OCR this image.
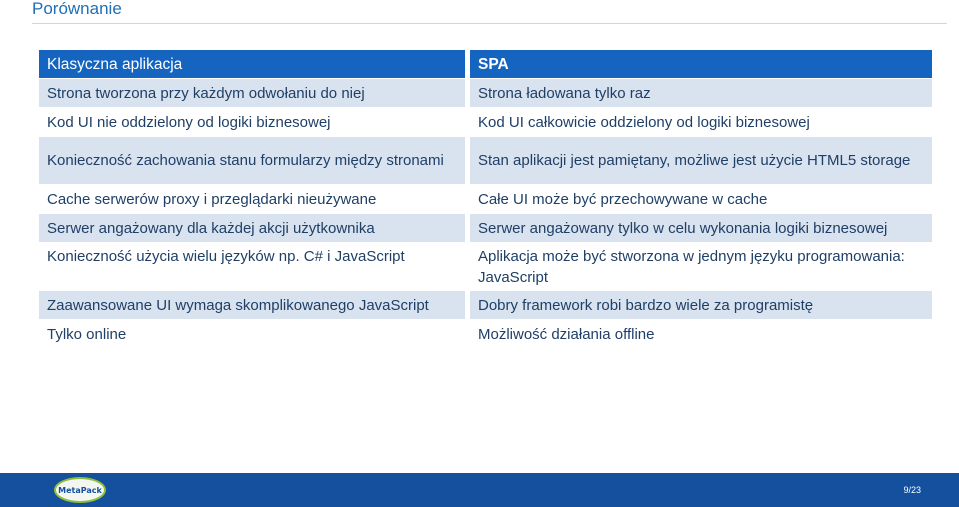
Porównanie
Klasyczna aplikacja
Strona tworzona przy każdym odwołaniu do niej
Kod UI nie oddzielony od logiki biznesowej
Konieczność zachowania stanu formularzy między stronami
Cache serwerów proxy i przeglądarki nieużywane
Serwer angażowany dla każdej akcji użytkownika
Konieczność użycia wielu języków np. C# i JavaScript
Zaawansowane UI wymaga skomplikowanego JavaScript
Tylko online
SPA
Strona ładowana tylko raz
Kod UI całkowicie oddzielony od logiki biznesowej
Stan aplikacji jest pamiętany, możliwe jest użycie HTML5 storage
Całe UI może być przechowywane w cache
Serwer angażowany tylko w celu wykonania logiki biznesowej
Aplikacja może być stworzona w jednym języku programowania: JavaScript
Dobry framework robi bardzo wiele za programistę
Możliwość działania offline
MetaPack	9/23
